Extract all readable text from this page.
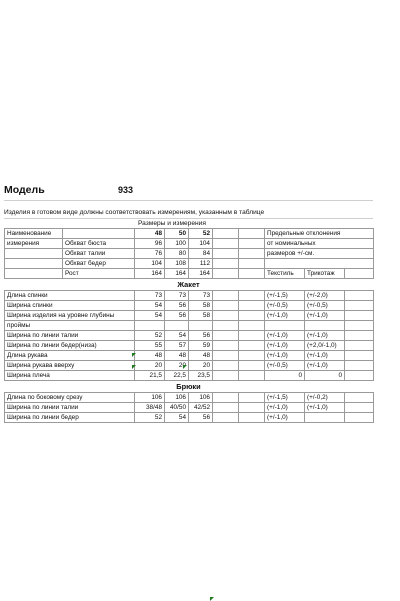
Модель	933
Изделия в готовом виде должны соответствовать измерениям, указанным в таблице
Размеры и измерения
Наименование		48	50	52			Предельные отклонения		
измерения	Обхват бюста	96	100	104			от номинальных		
	Обхват талии	76	80	84			размеров +/-см.		
	Обхват бедер	104	108	112					
	Рост	164	164	164			Текстиль	Трикотаж	
Жакет
Длина спинки	73	73	73			(+/-1,5)	(+/-2,0)	
Ширина спинки	54	56	58			(+/-0,5)	(+/-0,5)	
Ширина изделия на уровне глубины	54	56	58			(+/-1,0)	(+/-1,0)	
проймы								
Ширина по линии талии	52	54	56			(+/-1,0)	(+/-1,0)	
Ширина по линии бедер(низа)	55	57	59			(+/-1,0)	(+2,0/-1,0)	
Длина рукава	48	48	48			(+/-1,0)	(+/-1,0)	
Ширина рукава вверху	20	20	20			(+/-0,5)	(+/-1,0)	
Ширина плеча	21,5	22,5	23,5			0	0	
Брюки
Длина по боковому срезу	106	106	106			(+/-1,5)	(+/-0,2)	
Ширина по линии талии	38/48	40/50	42/52			(+/-1,0)	(+/-1,0)	
Ширина по линии бедер	52	54	56			(+/-1,0)		
